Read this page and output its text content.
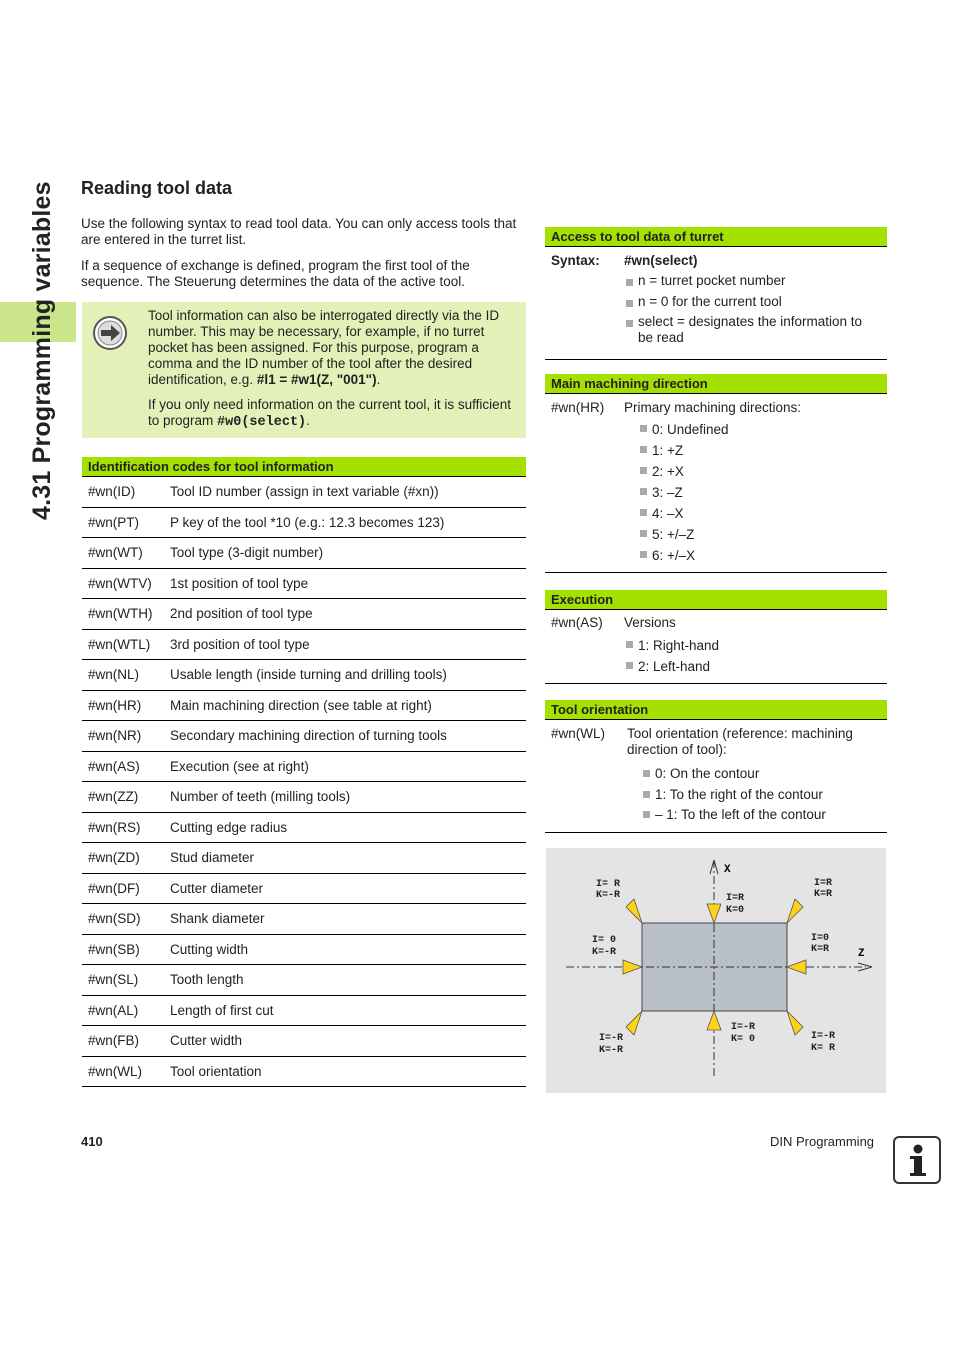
4.31 Programming variables Reading tool data

Use the following syntax to read tool data. You can only access tools that are entered in the turret list.

If a sequence of exchange is defined, program the first tool of the sequence. The Steuerung determines the data of the active tool.

Tool information can also be interrogated directly via the ID number. This may be necessary, for example, if no turret pocket has been assigned. For this purpose, program a comma and the ID number of the tool after the desired identification, e.g. #l1 = #w1(Z, "001").

If you only need information on the current tool, it is sufficient to program #w0(select).

Identification codes for tool information
#wn(ID)	Tool ID number (assign in text variable (#xn))
#wn(PT)	P key of the tool *10 (e.g.: 12.3 becomes 123)
#wn(WT)	Tool type (3-digit number)
#wn(WTV)	1st position of tool type
#wn(WTH)	2nd position of tool type
#wn(WTL)	3rd position of tool type
#wn(NL)	Usable length (inside turning and drilling tools)
#wn(HR)	Main machining direction (see table at right)
#wn(NR)	Secondary machining direction of turning tools
#wn(AS)	Execution (see at right)
#wn(ZZ)	Number of teeth (milling tools)
#wn(RS)	Cutting edge radius
#wn(ZD)	Stud diameter
#wn(DF)	Cutter diameter
#wn(SD)	Shank diameter
#wn(SB)	Cutting width
#wn(SL)	Tooth length
#wn(AL)	Length of first cut
#wn(FB)	Cutter width
#wn(WL)	Tool orientation
Access to tool data of turret
Syntax:	#wn(select)
n = turret pocket number
n = 0 for the current tool
select = designates the information to be read
Main machining direction
#wn(HR)	Primary machining directions:
0: Undefined
1: +Z
2: +X
3: –Z
4: –X
5: +/–Z
6: +/–X
Execution
#wn(AS)	Versions
1: Right-hand
2: Left-hand
Tool orientation
#wn(WL)	Tool orientation (reference: machining direction of tool):
0: On the contour
1: To the right of the contour
– 1: To the left of the contour
X
Z
I= R
K=-R	I=R
K=0
I=R
K=R
I= 0
K=-R
I=0
K=R
I=-R
K=-R
I=-R
K= 0	I=-R
K= R
410	DIN Programming
